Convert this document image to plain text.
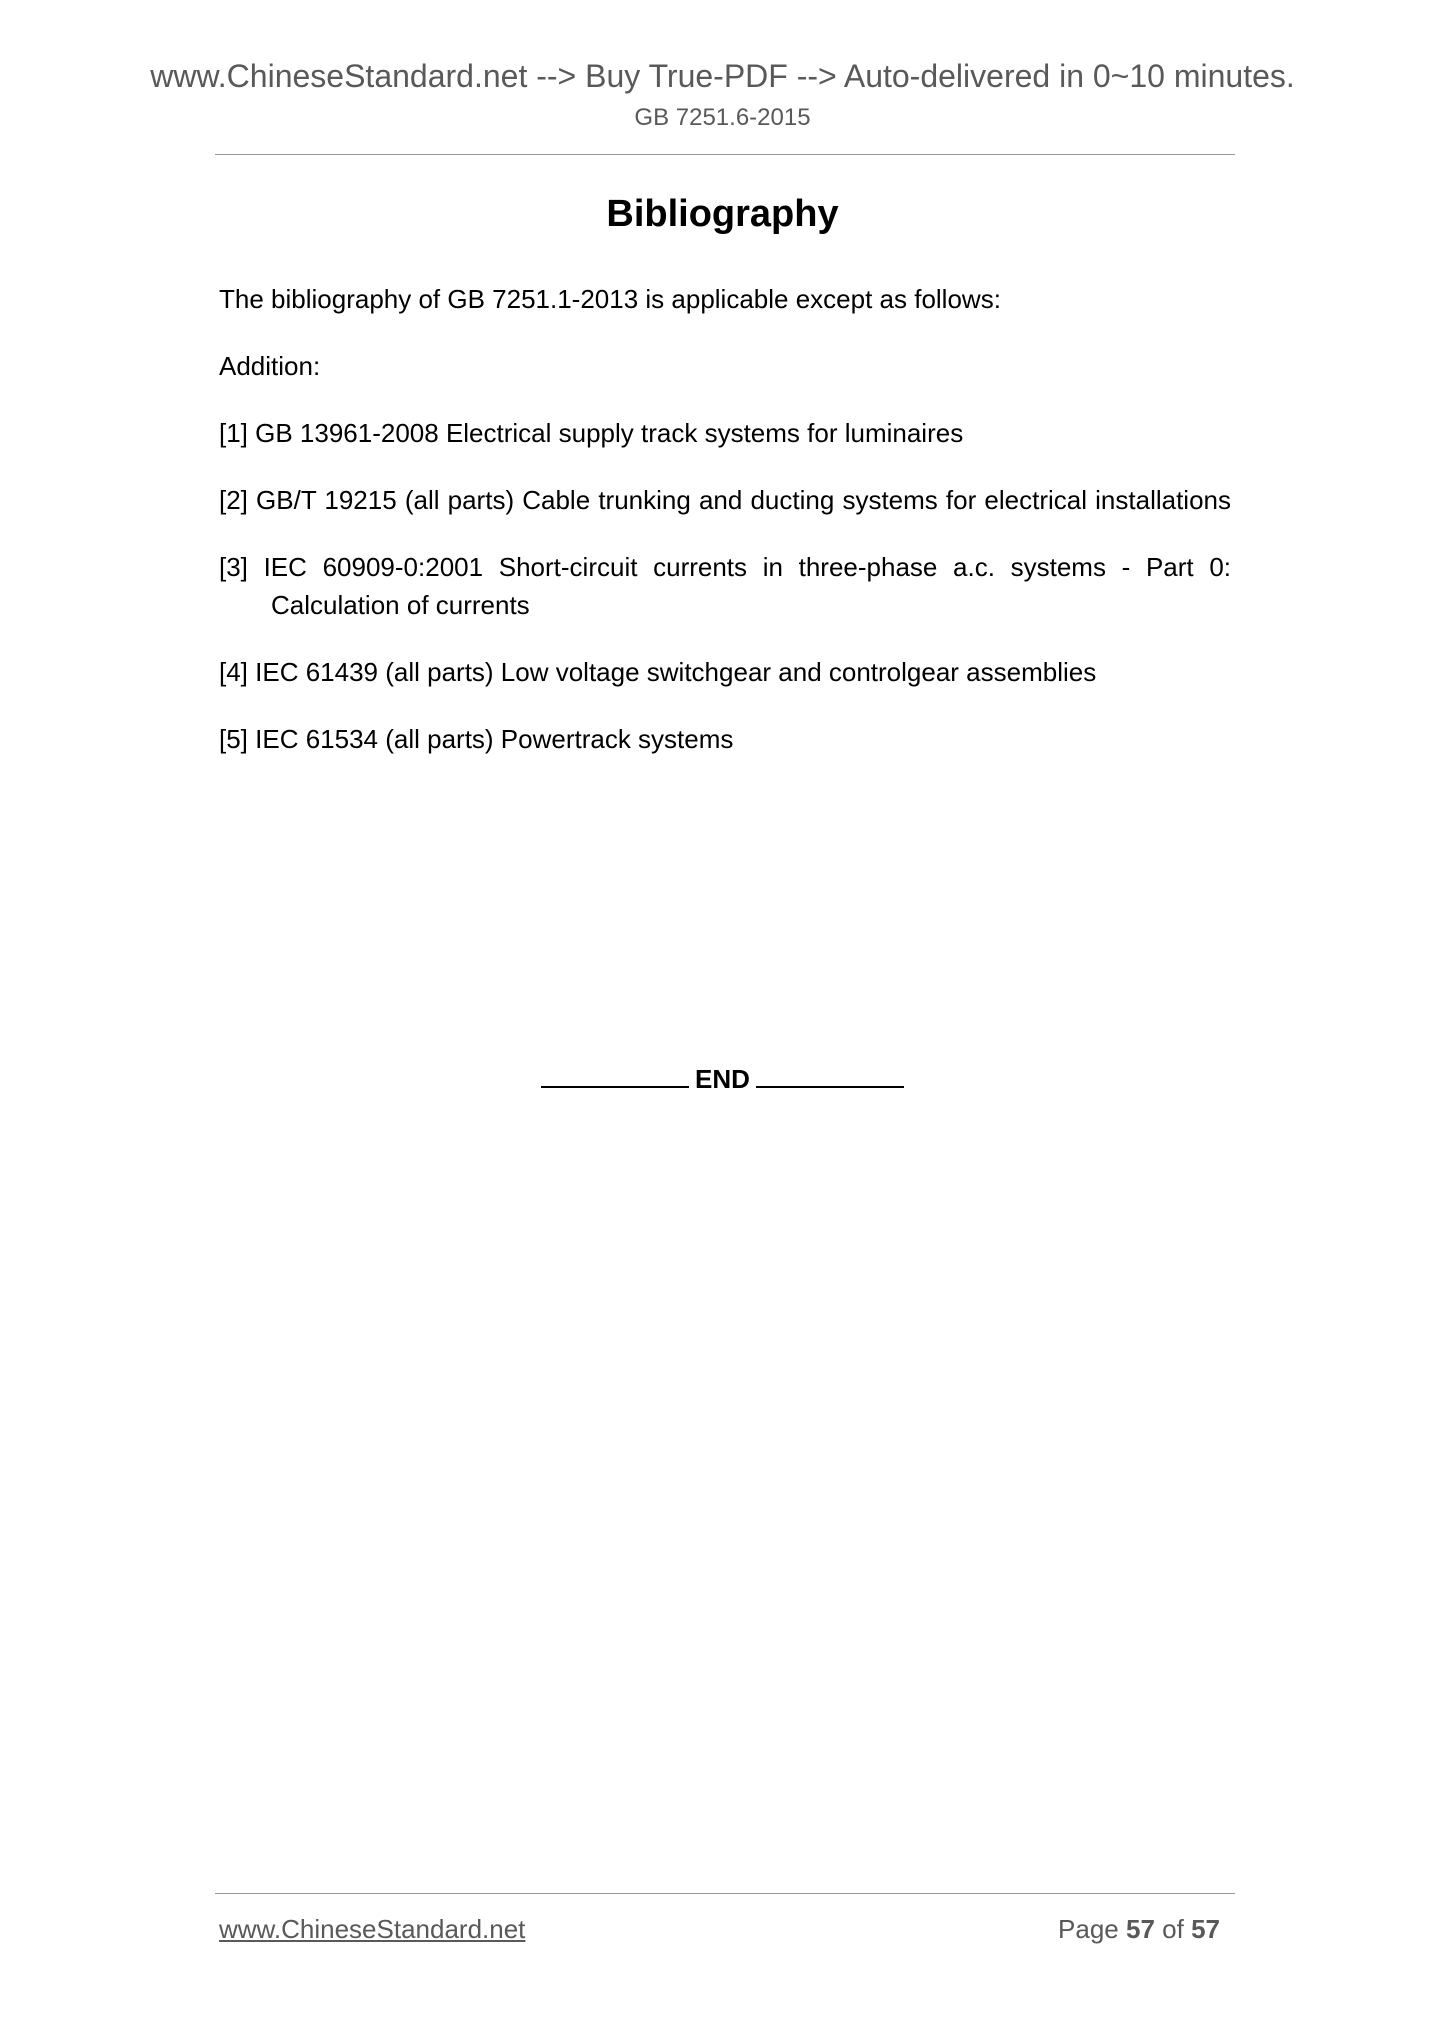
www.ChineseStandard.net --> Buy True-PDF --> Auto-delivered in 0~10 minutes.
GB 7251.6-2015
Bibliography
The bibliography of GB 7251.1-2013 is applicable except as follows:
Addition:
[1] GB 13961-2008 Electrical supply track systems for luminaires
[2] GB/T 19215 (all parts) Cable trunking and ducting systems for electrical installations
[3] IEC 60909-0:2001 Short-circuit currents in three-phase a.c. systems - Part 0:
Calculation of currents
[4] IEC 61439 (all parts) Low voltage switchgear and controlgear assemblies
[5] IEC 61534 (all parts) Powertrack systems
END
www.ChineseStandard.net	Page 57 of 57
